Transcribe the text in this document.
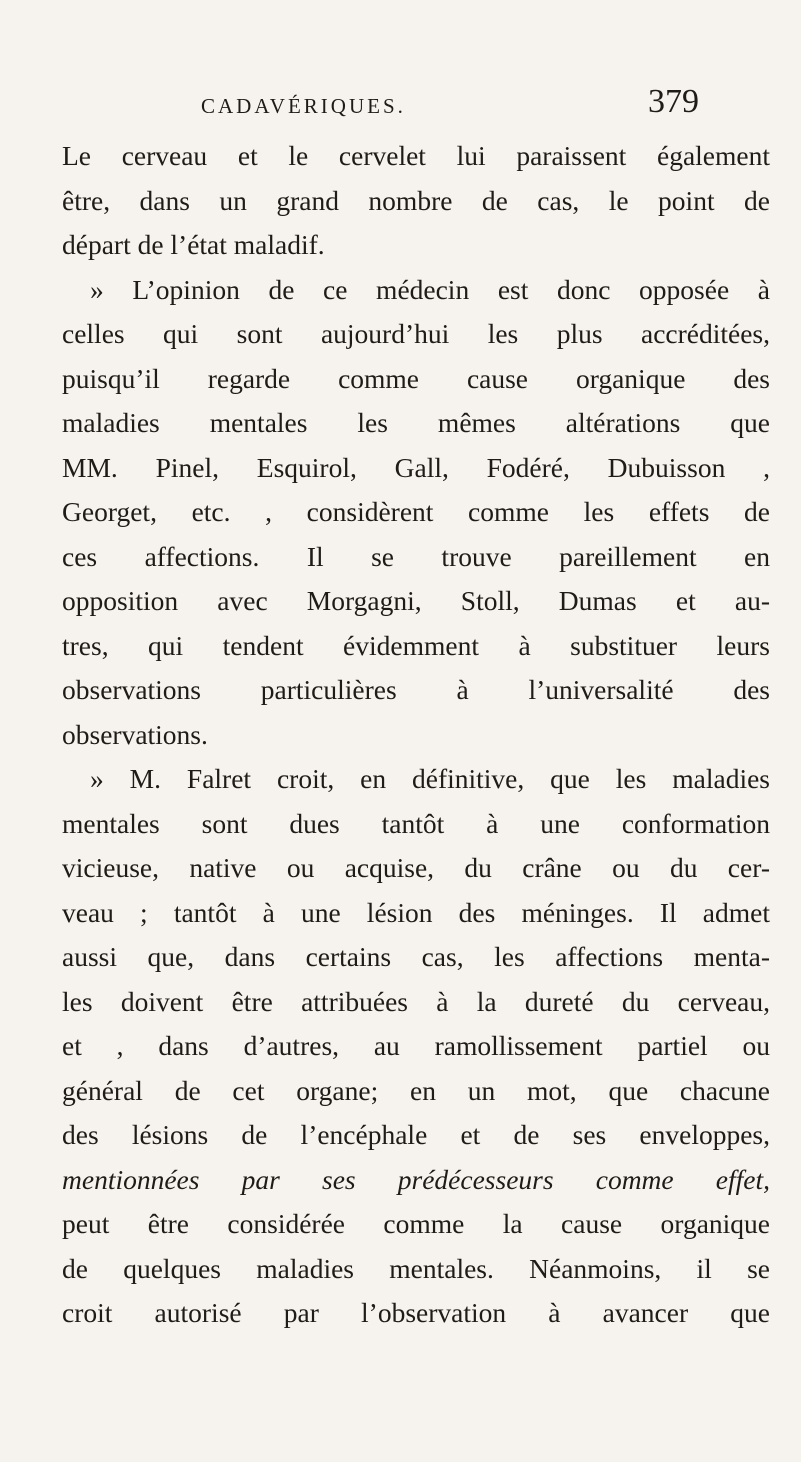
CADAVÉRIQUES.	379
Le cerveau et le cervelet lui paraissent également
être, dans un grand nombre de cas, le point de
départ de l’état maladif.
» L’opinion de ce médecin est donc opposée à
celles qui sont aujourd’hui les plus accréditées,
puisqu’il regarde comme cause organique des
maladies mentales les mêmes altérations que
MM. Pinel, Esquirol, Gall, Fodéré, Dubuisson ,
Georget, etc. , considèrent comme les effets de
ces affections. Il se trouve pareillement en
opposition avec Morgagni, Stoll, Dumas et au-
tres, qui tendent évidemment à substituer leurs
observations particulières à l’universalité des
observations.
» M. Falret croit, en définitive, que les maladies
mentales sont dues tantôt à une conformation
vicieuse, native ou acquise, du crâne ou du cer-
veau ; tantôt à une lésion des méninges. Il admet
aussi que, dans certains cas, les affections menta-
les doivent être attribuées à la dureté du cerveau,
et , dans d’autres, au ramollissement partiel ou
général de cet organe; en un mot, que chacune
des lésions de l’encéphale et de ses enveloppes,
mentionnées par ses prédécesseurs comme effet,
peut être considérée comme la cause organique
de quelques maladies mentales. Néanmoins, il se
croit autorisé par l’observation à avancer que
